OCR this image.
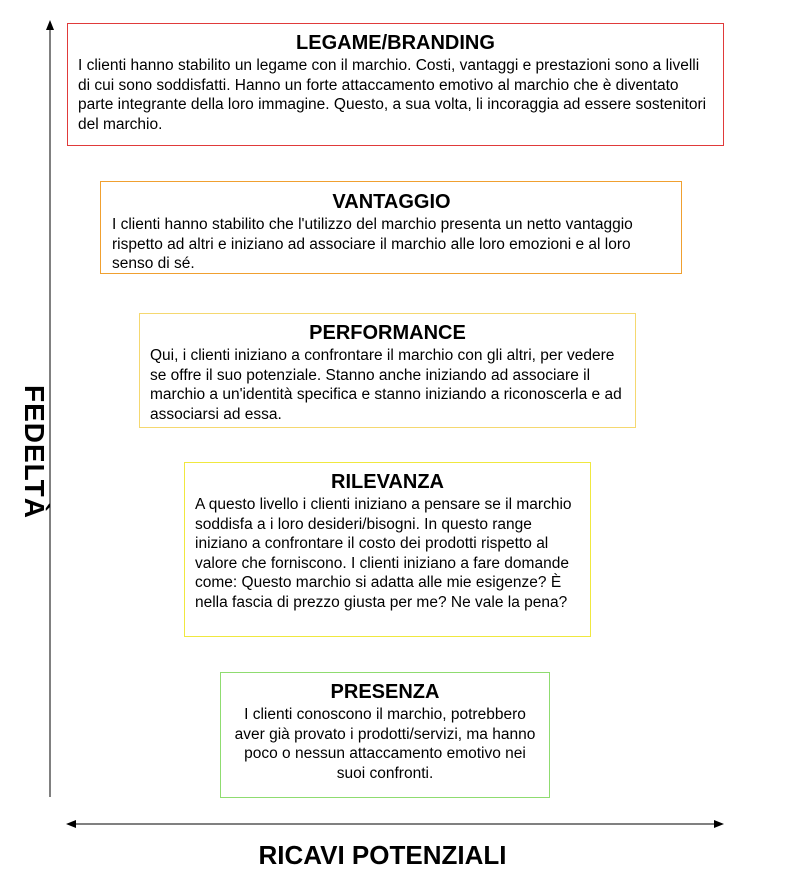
LEGAME/BRANDING

I clienti hanno stabilito un legame con il marchio. Costi, vantaggi e prestazioni sono a livelli di cui sono soddisfatti. Hanno un forte attaccamento emotivo al marchio che è diventato parte integrante della loro immagine. Questo, a sua volta, li incoraggia ad essere sostenitori del marchio.

VANTAGGIO

I clienti hanno stabilito che l'utilizzo del marchio presenta un netto vantaggio rispetto ad altri e iniziano ad associare il marchio alle loro emozioni e al loro senso di sé.

PERFORMANCE

Qui, i clienti iniziano a confrontare il marchio con gli altri, per vedere se offre il suo potenziale. Stanno anche iniziando ad associare il marchio a un'identità specifica e stanno iniziando a riconoscerla e ad associarsi ad essa.

RILEVANZA

A questo livello i clienti iniziano a pensare se il marchio soddisfa a i loro desideri/bisogni. In questo range iniziano a confrontare il costo dei prodotti rispetto al valore che forniscono. I clienti iniziano a fare domande come: Questo marchio si adatta alle mie esigenze? È nella fascia di prezzo giusta per me? Ne vale la pena?

PRESENZA

I clienti conoscono il marchio, potrebbero aver già provato i prodotti/servizi, ma hanno poco o nessun attaccamento emotivo nei suoi confronti.

FEDELTÀ
RICAVI POTENZIALI
